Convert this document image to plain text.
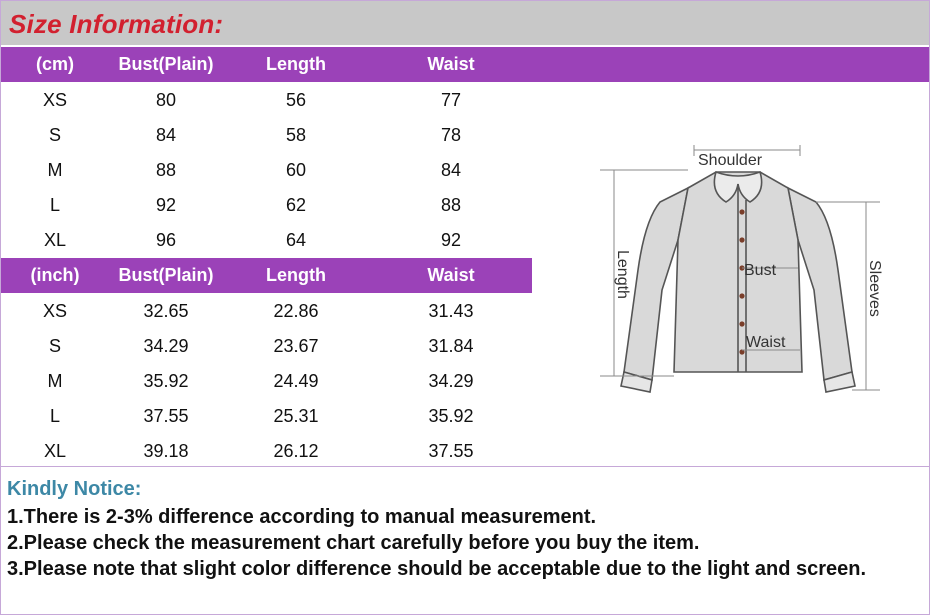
Size Information:
(cm)	Bust(Plain)	Length	Waist
XS	80	56	77
S	84	58	78
M	88	60	84
L	92	62	88
XL	96	64	92
(inch)	Bust(Plain)	Length	Waist
XS	32.65	22.86	31.43
S	34.29	23.67	31.84
M	35.92	24.49	34.29
L	37.55	25.31	35.92
XL	39.18	26.12	37.55
Shoulder
Bust
Waist
Length	Sleeves
Kindly Notice:
1.There is 2-3% difference according to manual measurement.
2.Please check the measurement chart carefully before you buy the item.
3.Please note that slight color difference should be acceptable due to the light and screen.
